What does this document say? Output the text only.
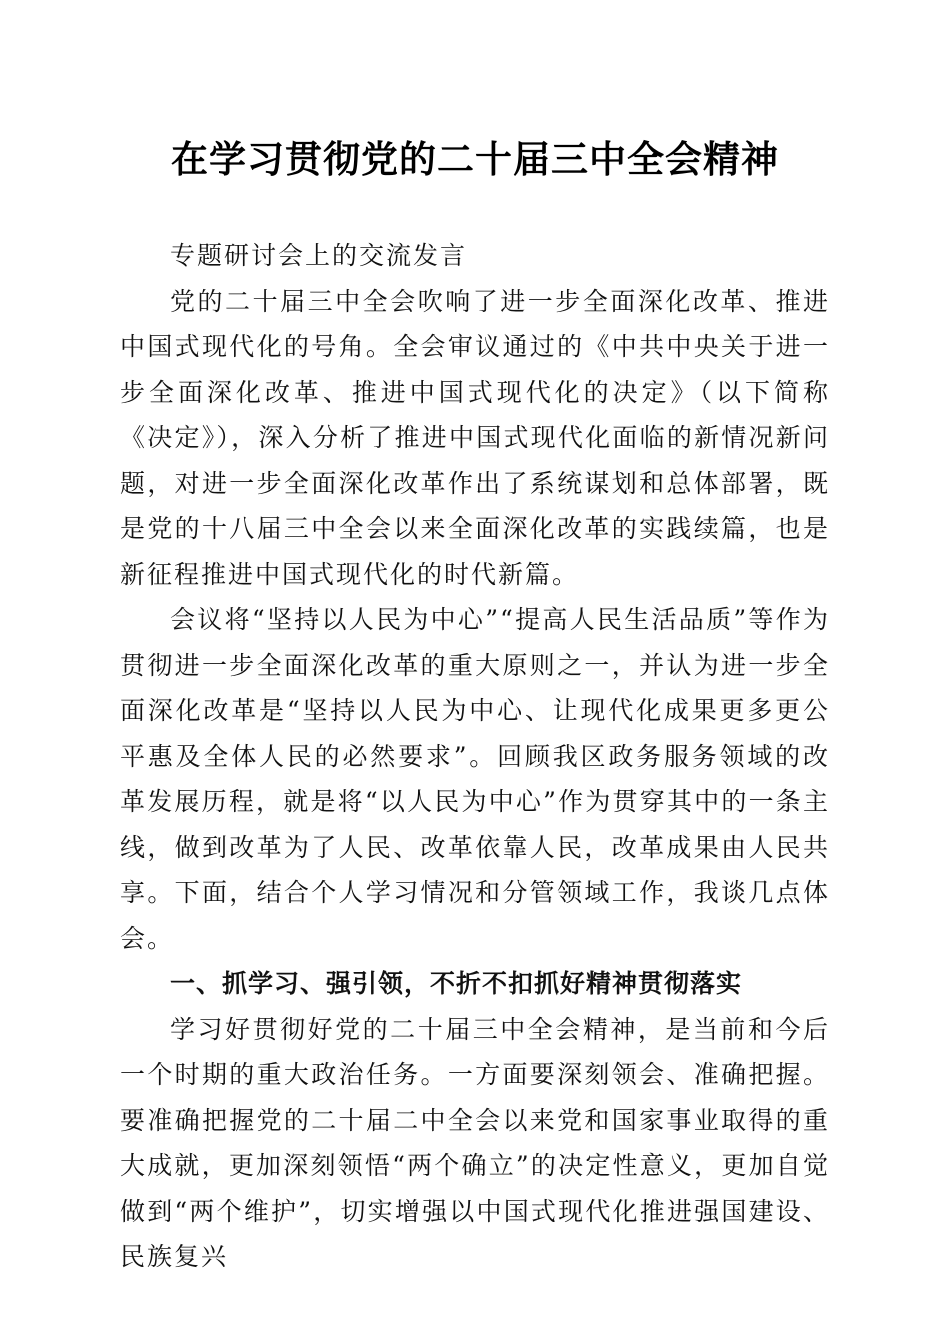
在学习贯彻党的二十届三中全会精神

专题研讨会上的交流发言

党的二十届三中全会吹响了进一步全面深化改革、推进中国式现代化的号角。全会审议通过的《中共中央关于进一步全面深化改革、推进中国式现代化的决定》（以下简称《决定》），深入分析了推进中国式现代化面临的新情况新问题，对进一步全面深化改革作出了系统谋划和总体部署，既是党的十八届三中全会以来全面深化改革的实践续篇，也是新征程推进中国式现代化的时代新篇。

会议将“坚持以人民为中心”“提高人民生活品质”等作为贯彻进一步全面深化改革的重大原则之一，并认为进一步全面深化改革是“坚持以人民为中心、让现代化成果更多更公平惠及全体人民的必然要求”。回顾我区政务服务领域的改革发展历程，就是将“以人民为中心”作为贯穿其中的一条主线，做到改革为了人民、改革依靠人民，改革成果由人民共享。下面，结合个人学习情况和分管领域工作，我谈几点体会。

一、抓学习、强引领，不折不扣抓好精神贯彻落实

学习好贯彻好党的二十届三中全会精神，是当前和今后一个时期的重大政治任务。一方面要深刻领会、准确把握。要准确把握党的二十届二中全会以来党和国家事业取得的重大成就，更加深刻领悟“两个确立”的决定性意义，更加自觉做到“两个维护”，切实增强以中国式现代化推进强国建设、民族复兴
